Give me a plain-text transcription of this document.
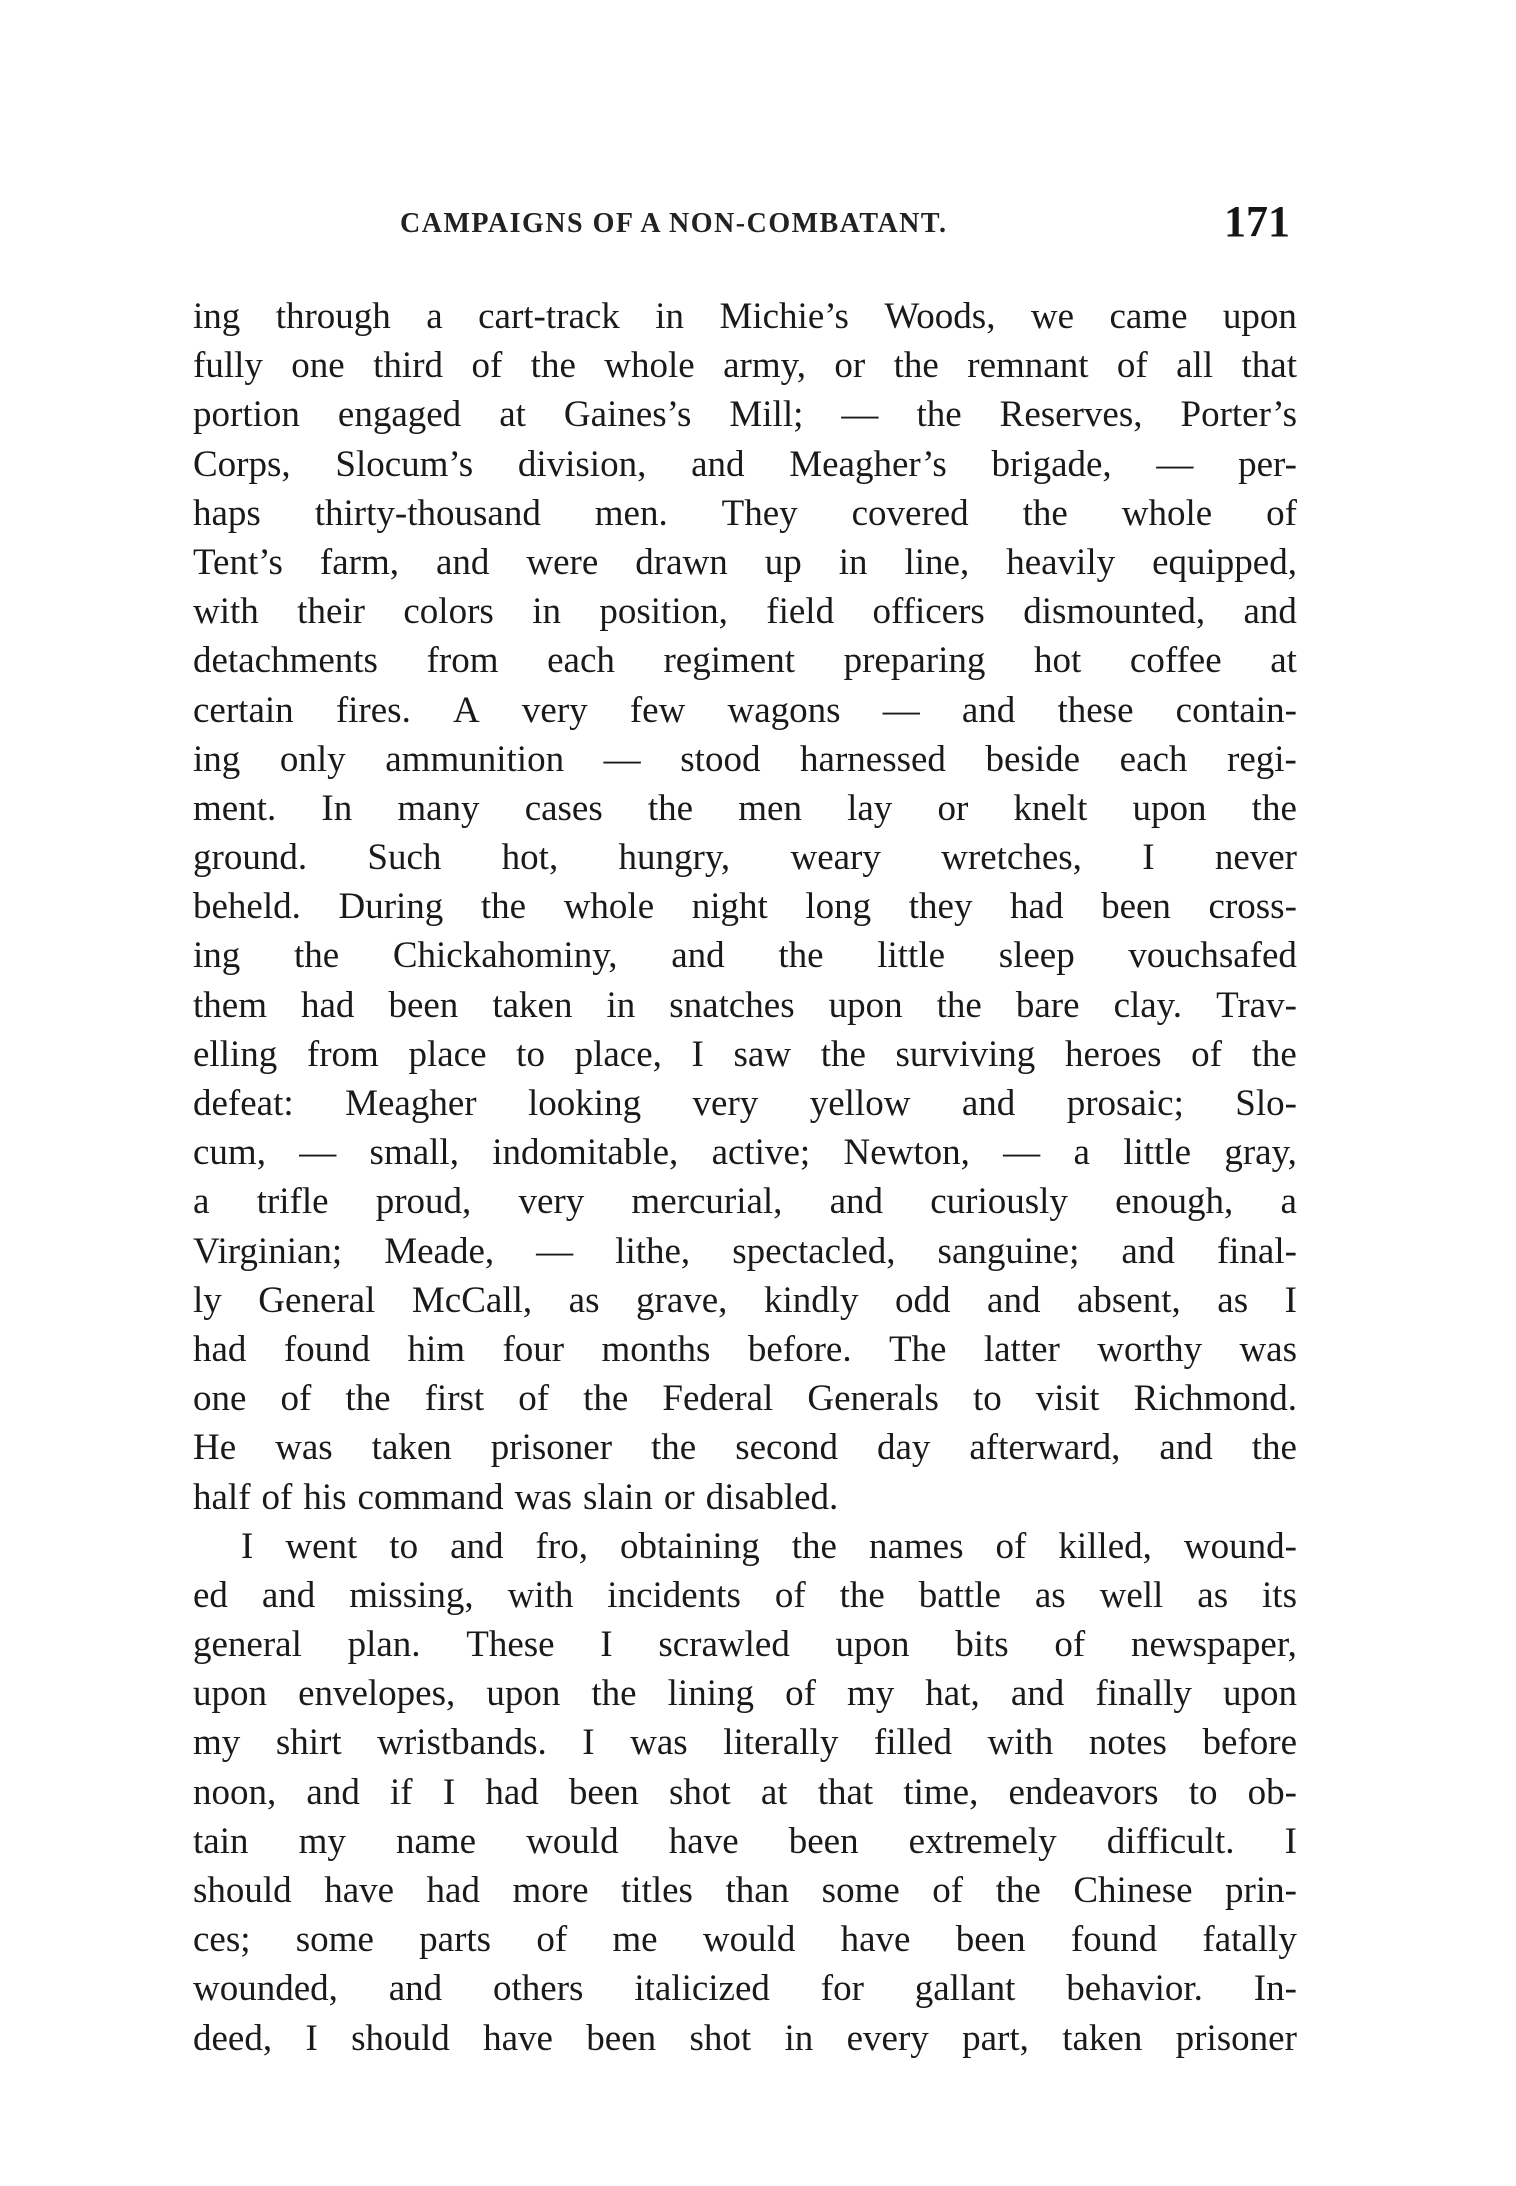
CAMPAIGNS OF A NON-COMBATANT.	171
ing through a cart-track in Michie’s Woods, we came upon
fully one third of the whole army, or the remnant of all that
portion engaged at Gaines’s Mill; — the Reserves, Porter’s
Corps, Slocum’s division, and Meagher’s brigade, — per-
haps thirty-thousand men. They covered the whole of
Tent’s farm, and were drawn up in line, heavily equipped,
with their colors in position, field officers dismounted, and
detachments from each regiment preparing hot coffee at
certain fires. A very few wagons — and these contain-
ing only ammunition — stood harnessed beside each regi-
ment. In many cases the men lay or knelt upon the
ground. Such hot, hungry, weary wretches, I never
beheld. During the whole night long they had been cross-
ing the Chickahominy, and the little sleep vouchsafed
them had been taken in snatches upon the bare clay. Trav-
elling from place to place, I saw the surviving heroes of the
defeat: Meagher looking very yellow and prosaic; Slo-
cum, — small, indomitable, active; Newton, — a little gray,
a trifle proud, very mercurial, and curiously enough, a
Virginian; Meade, — lithe, spectacled, sanguine; and final-
ly General McCall, as grave, kindly odd and absent, as I
had found him four months before. The latter worthy was
one of the first of the Federal Generals to visit Richmond.
He was taken prisoner the second day afterward, and the
half of his command was slain or disabled.
I went to and fro, obtaining the names of killed, wound-
ed and missing, with incidents of the battle as well as its
general plan. These I scrawled upon bits of newspaper,
upon envelopes, upon the lining of my hat, and finally upon
my shirt wristbands. I was literally filled with notes before
noon, and if I had been shot at that time, endeavors to ob-
tain my name would have been extremely difficult. I
should have had more titles than some of the Chinese prin-
ces; some parts of me would have been found fatally
wounded, and others italicized for gallant behavior. In-
deed, I should have been shot in every part, taken prisoner
